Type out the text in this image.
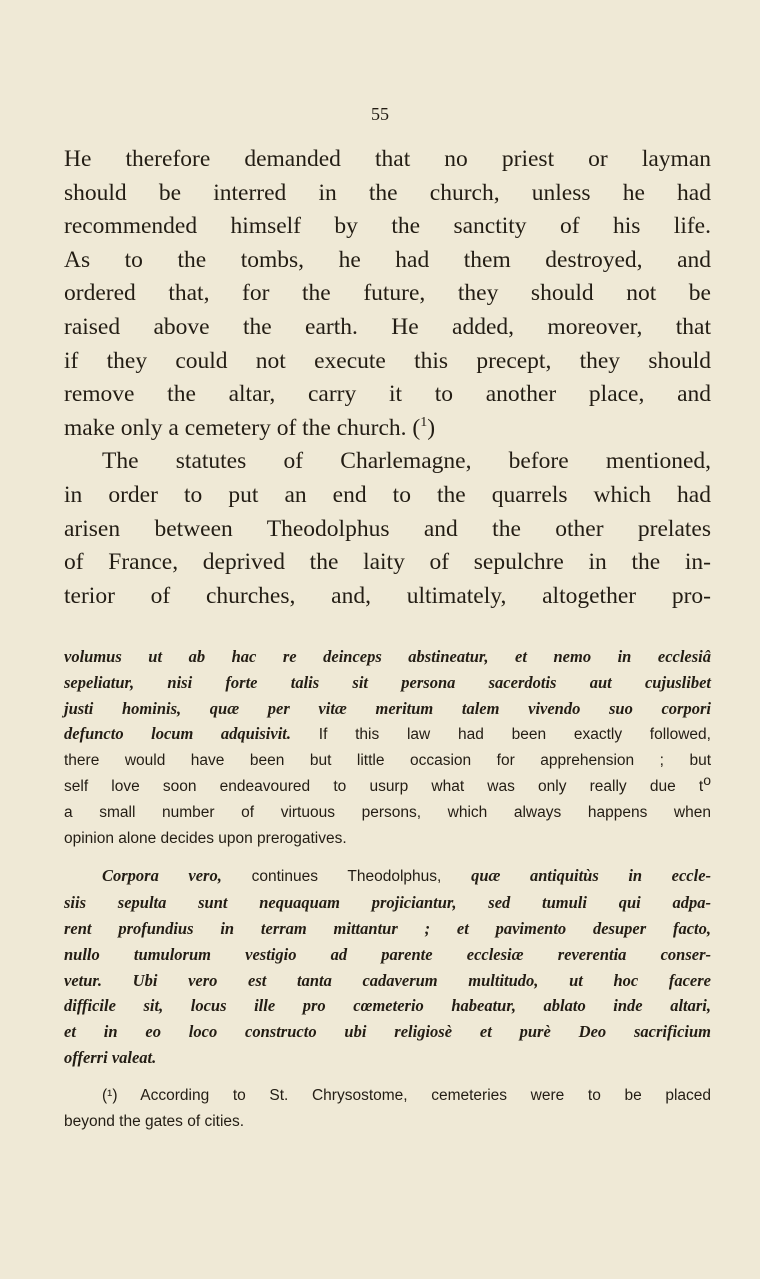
55
He therefore demanded that no priest or layman
should be interred in the church, unless he had
recommended himself by the sanctity of his life.
As to the tombs, he had them destroyed, and
ordered that, for the future, they should not be
raised above the earth. He added, moreover, that
if they could not execute this precept, they should
remove the altar, carry it to another place, and
make only a cemetery of the church. ($^1$)
The statutes of Charlemagne, before mentioned,
in order to put an end to the quarrels which had
arisen between Theodolphus and the other prelates
of France, deprived the laity of sepulchre in the in-
terior of churches, and, ultimately, altogether pro-
volumus ut ab hac re deinceps abstineatur, et nemo in ecclesiâ
sepeliatur, nisi forte talis sit persona sacerdotis aut cujuslibet
justi hominis, quæ per vitæ meritum talem vivendo suo corpori
defuncto locum adquisivit. If this law had been exactly followed,
there would have been but little occasion for apprehension ; but
self love soon endeavoured to usurp what was only really due to
a small number of virtuous persons, which always happens when
opinion alone decides upon prerogatives.
Corpora vero, continues Theodolphus, quæ antiquitùs in eccle-
siis sepulta sunt nequaquam projiciantur, sed tumuli qui adpa-
rent profundius in terram mittantur ; et pavimento desuper facto,
nullo tumulorum vestigio ad parente ecclesiæ reverentia conser-
vetur. Ubi vero est tanta cadaverum multitudo, ut hoc facere
difficile sit, locus ille pro cœmeterio habeatur, ablato inde altari,
et in eo loco constructo ubi religiosè et purè Deo sacrificium
offerri valeat.
(¹) According to St. Chrysostome, cemeteries were to be placed
beyond the gates of cities.
